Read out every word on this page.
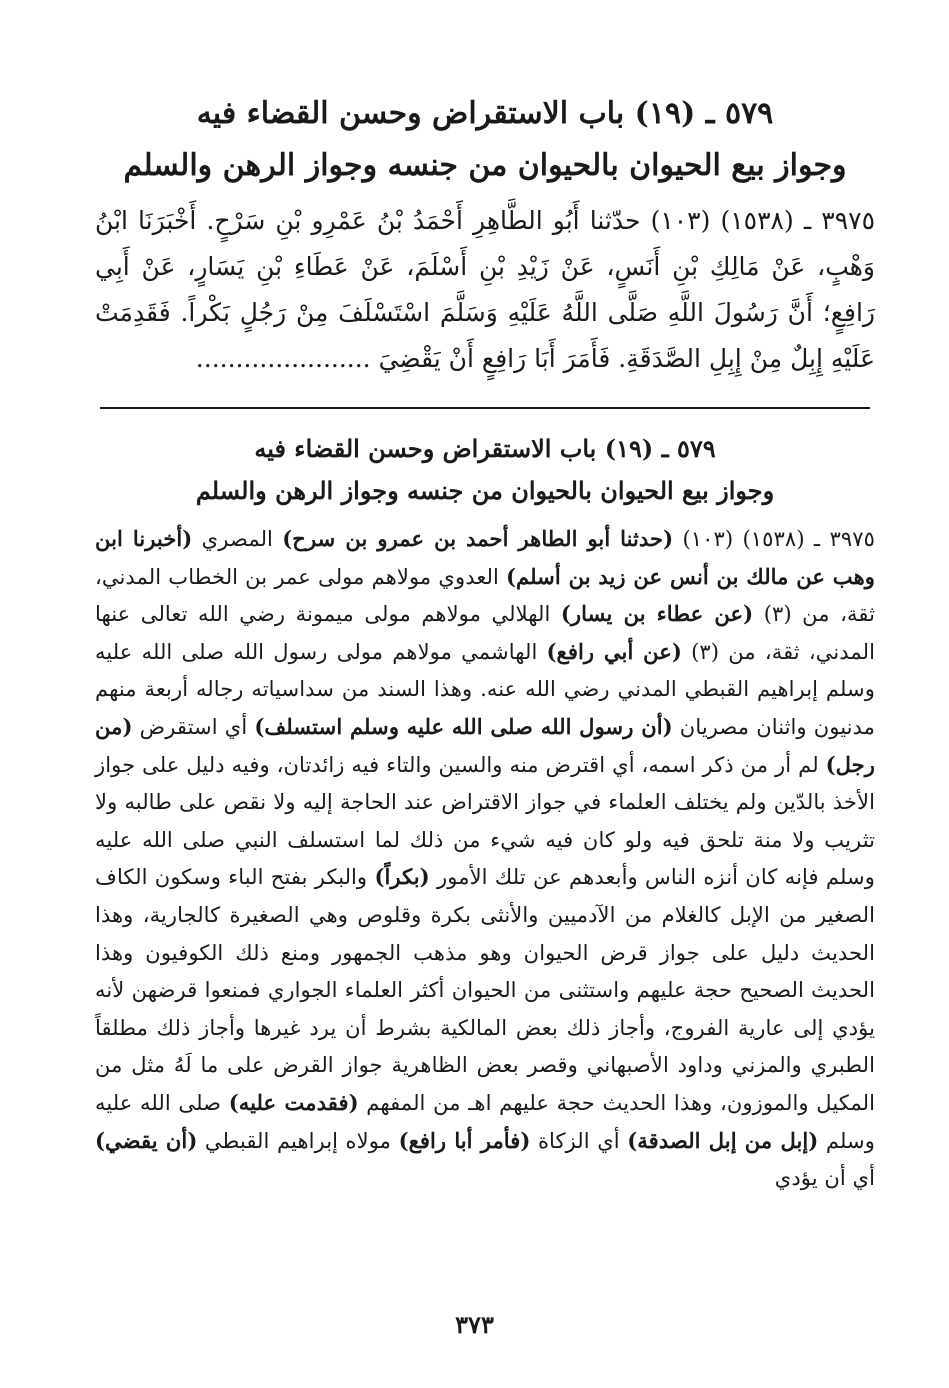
٥٧٩ ـ (١٩) باب الاستقراض وحسن القضاء فيه

وجواز بيع الحيوان بالحيوان من جنسه وجواز الرهن والسلم

٣٩٧٥ ـ (١٥٣٨) (١٠٣) حدّثنا أَبُو الطَّاهِرِ أَحْمَدُ بْنُ عَمْرِو بْنِ سَرْحٍ. أَخْبَرَنَا ابْنُ وَهْبٍ، عَنْ مَالِكِ بْنِ أَنَسٍ، عَنْ زَيْدِ بْنِ أَسْلَمَ، عَنْ عَطَاءِ بْنِ يَسَارٍ، عَنْ أَبِي رَافِعٍ؛ أَنَّ رَسُولَ اللَّهِ صَلَّى اللَّهُ عَلَيْهِ وَسَلَّمَ اسْتَسْلَفَ مِنْ رَجُلٍ بَكْراً. فَقَدِمَتْ عَلَيْهِ إِبِلٌ مِنْ إِبِلِ الصَّدَقَةِ. فَأَمَرَ أَبَا رَافِعٍ أَنْ يَقْضِيَ ......................

٥٧٩ ـ (١٩) باب الاستقراض وحسن القضاء فيه

وجواز بيع الحيوان بالحيوان من جنسه وجواز الرهن والسلم

٣٩٧٥ ـ (١٥٣٨) (١٠٣) (حدثنا أبو الطاهر أحمد بن عمرو بن سرح) المصري (أخبرنا ابن وهب عن مالك بن أنس عن زيد بن أسلم) العدوي مولاهم مولى عمر بن الخطاب المدني، ثقة، من (٣) (عن عطاء بن يسار) الهلالي مولاهم مولى ميمونة رضي الله تعالى عنها المدني، ثقة، من (٣) (عن أبي رافع) الهاشمي مولاهم مولى رسول الله صلى الله عليه وسلم إبراهيم القبطي المدني رضي الله عنه. وهذا السند من سداسياته رجاله أربعة منهم مدنيون واثنان مصريان (أن رسول الله صلى الله عليه وسلم استسلف) أي استقرض (من رجل) لم أر من ذكر اسمه، أي اقترض منه والسين والتاء فيه زائدتان، وفيه دليل على جواز الأخذ بالدّين ولم يختلف العلماء في جواز الاقتراض عند الحاجة إليه ولا نقص على طالبه ولا تثريب ولا منة تلحق فيه ولو كان فيه شيء من ذلك لما استسلف النبي صلى الله عليه وسلم فإنه كان أنزه الناس وأبعدهم عن تلك الأمور (بكراً) والبكر بفتح الباء وسكون الكاف الصغير من الإبل كالغلام من الآدميين والأنثى بكرة وقلوص وهي الصغيرة كالجارية، وهذا الحديث دليل على جواز قرض الحيوان وهو مذهب الجمهور ومنع ذلك الكوفيون وهذا الحديث الصحيح حجة عليهم واستثنى من الحيوان أكثر العلماء الجواري فمنعوا قرضهن لأنه يؤدي إلى عارية الفروج، وأجاز ذلك بعض المالكية بشرط أن يرد غيرها وأجاز ذلك مطلقاً الطبري والمزني وداود الأصبهاني وقصر بعض الظاهرية جواز القرض على ما لَهُ مثل من المكيل والموزون، وهذا الحديث حجة عليهم اهـ من المفهم (فقدمت عليه) صلى الله عليه وسلم (إبل من إبل الصدقة) أي الزكاة (فأمر أبا رافع) مولاه إبراهيم القبطي (أن يقضي) أي أن يؤدي

٣٧٣
